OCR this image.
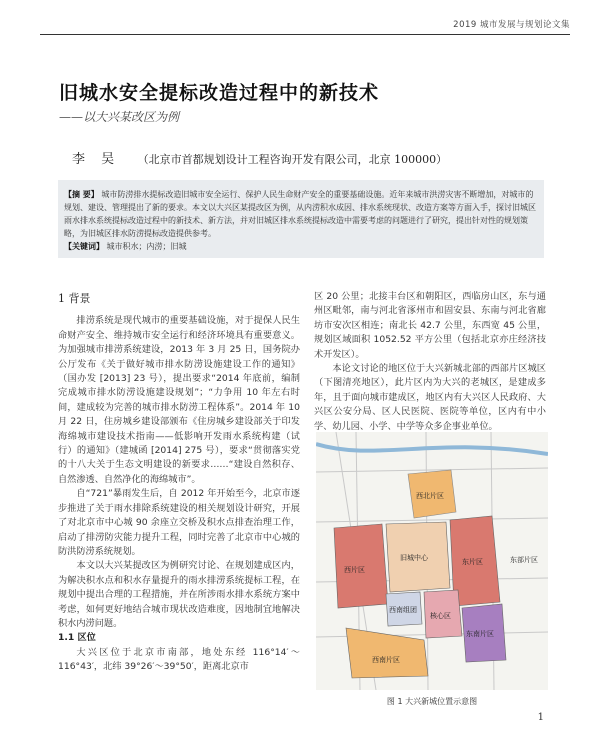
2019 城市发展与规划论文集
旧城水安全提标改造过程中的新技术
——以大兴某改区为例
李 吴 （北京市首都规划设计工程咨询开发有限公司，北京 100000）

【摘 要】 城市防涝排水提标改造旧城市安全运行、保护人民生命财产安全的重要基础设施。近年来城市洪涝灾害不断增加，对城市的规划、建设、管理提出了新的要求。本文以大兴区某提改区为例，从内涝积水成因、排水系统现状、改造方案等方面入手，探讨旧城区雨水排水系统提标改造过程中的新技术、新方法，并对旧城区排水系统提标改造中需要考虑的问题进行了研究，提出针对性的规划策略，为旧城区排水防涝提标改造提供参考。

【关键词】 城市积水；内涝；旧城

1 背景

排涝系统是现代城市的重要基础设施，对于提保人民生命财产安全、维持城市安全运行和经济环境具有重要意义。为加强城市排涝系统建设，2013 年 3 月 25 日，国务院办公厅发布《关于做好城市排水防涝设施建设工作的通知》（国办发 [2013] 23 号），提出要求“2014 年底前，编制完成城市排水防涝设施建设规划”；“力争用 10 年左右时间，建成较为完善的城市排水防涝工程体系”。2014 年 10 月 22 日，住房城乡建设部颁布《住房城乡建设部关于印发海绵城市建设技术指南——低影响开发雨水系统构建（试行）的通知》（建城函 [2014] 275 号），要求“贯彻落实党的十八大关于生态文明建设的新要求……“建设自然积存、自然渗透、自然净化的海绵城市”。

自“721”暴雨发生后，自 2012 年开始至今，北京市逐步推进了关于雨水排除系统建设的相关规划设计研究，开展了对北京市中心城 90 余座立交桥及积水点排查治理工作，启动了排涝防灾能力提升工程，同时完善了北京市中心城的防洪防涝系统规划。

本文以大兴某提改区为例研究讨论、在规划建成区内，为解决积水点和积水存量提升的雨水排涝系统提标工程，在规划中提出合理的工程措施，并在所涉雨水排水系统方案中考虑，如何更好地结合城市现状改造难度，因地制宜地解决积水内涝问题。

1.1 区位

大兴区位于北京市南部，地处东经 116°14′～116°43′，北纬 39°26′～39°50′，距离北京市

区 20 公里；北接丰台区和朝阳区，西临房山区，东与通州区毗邻，南与河北省涿州市和固安县、东南与河北省廊坊市安次区相连；南北长 42.7 公里，东西宽 45 公里，规划区域面积 1052.52 平方公里（包括北京亦庄经济技术开发区）。

本论文讨论的地区位于大兴新城北部的西部片区城区（下图清亮地区），此片区内为大兴的老城区，是建成多年，且于面向城市建成区，地区内有大兴区人民政府、大兴区公安分局、区人民医院、医院等单位，区内有中小学、幼儿园、小学、中学等众多企事业单位。

西北片区
西片区
旧城中心	东片区
西南组团
核心区
东南片区
西南片区
东部片区
图 1 大兴新城位置示意图
1
